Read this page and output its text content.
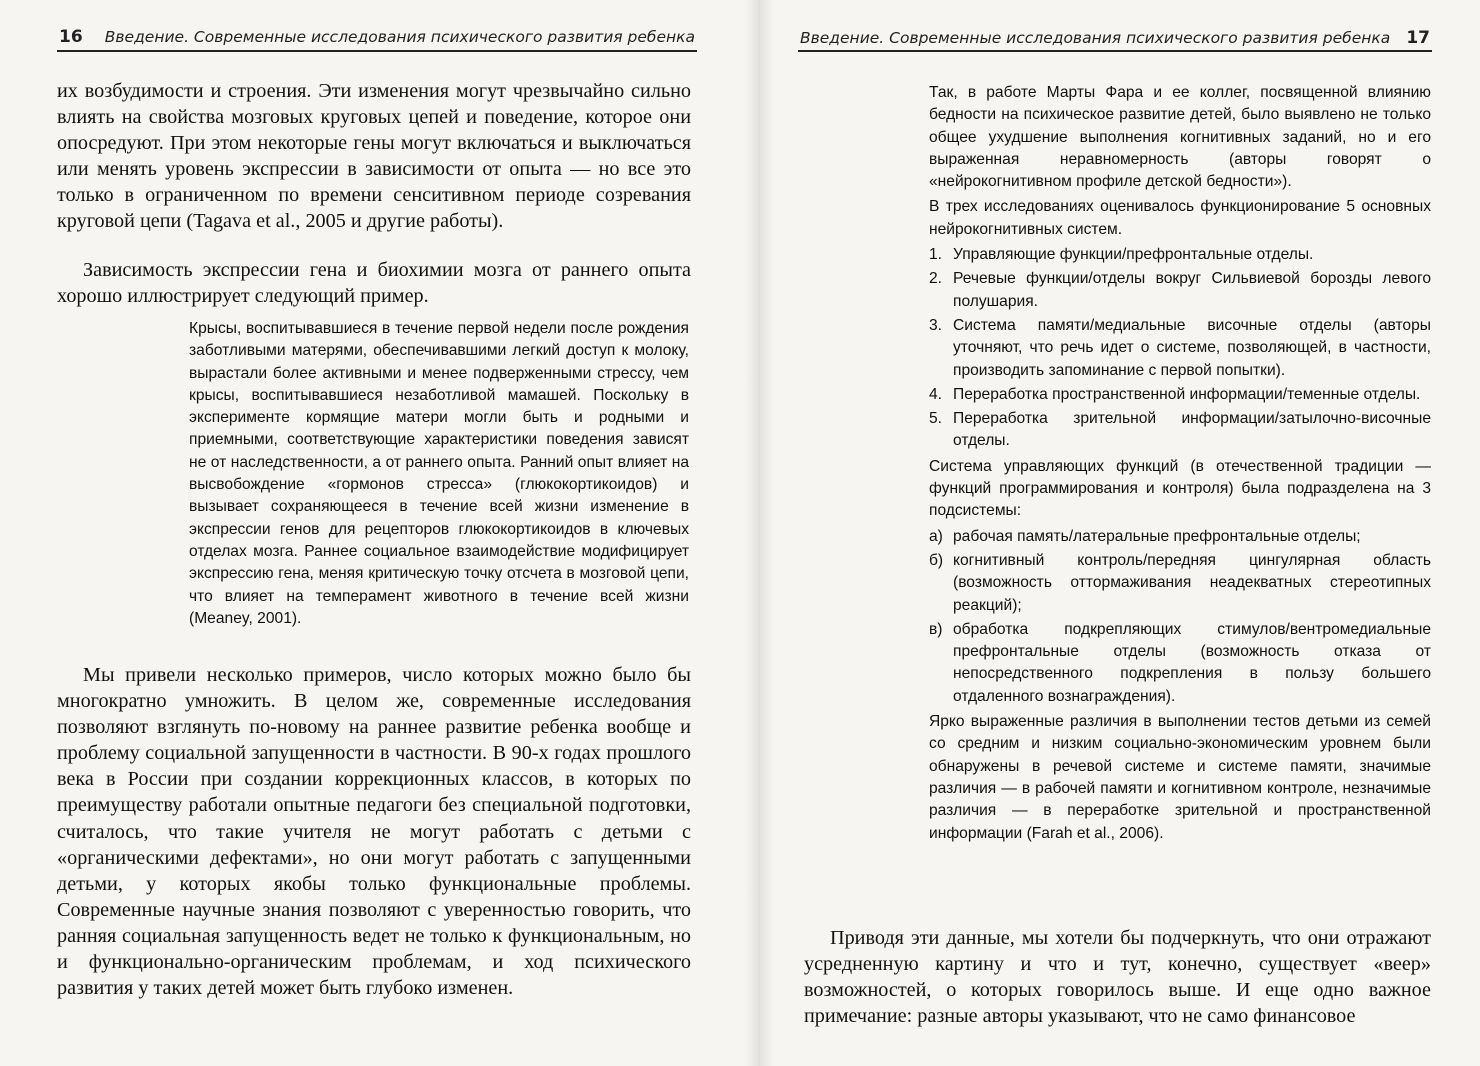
16 Введение. Современные исследования психического развития ребенка

их возбудимости и строения. Эти изменения могут чрезвычайно сильно влиять на свойства мозговых круговых цепей и поведение, которое они опосредуют. При этом некоторые гены могут включаться и выключаться или менять уровень экспрессии в зависимости от опыта — но все это только в ограниченном по времени сенситивном периоде созревания круговой цепи (Tagava et al., 2005 и другие работы).

Зависимость экспрессии гена и биохимии мозга от раннего опыта хорошо иллюстрирует следующий пример.

Крысы, воспитывавшиеся в течение первой недели после рождения заботливыми матерями, обеспечивавшими легкий доступ к молоку, вырастали более активными и менее подверженными стрессу, чем крысы, воспитывавшиеся незаботливой мамашей. Поскольку в эксперименте кормящие матери могли быть и родными и приемными, соответствующие характеристики поведения зависят не от наследственности, а от раннего опыта. Ранний опыт влияет на высвобождение «гормонов стресса» (глюкокортикоидов) и вызывает сохраняющееся в течение всей жизни изменение в экспрессии генов для рецепторов глюкокортикоидов в ключевых отделах мозга. Раннее социальное взаимодействие модифицирует экспрессию гена, меняя критическую точку отсчета в мозговой цепи, что влияет на темперамент животного в течение всей жизни (Meaney, 2001).

Мы привели несколько примеров, число которых можно было бы многократно умножить. В целом же, современные исследования позволяют взглянуть по-новому на раннее развитие ребенка вообще и проблему социальной запущенности в частности. В 90-х годах прошлого века в России при создании коррекционных классов, в которых по преимуществу работали опытные педагоги без специальной подготовки, считалось, что такие учителя не могут работать с детьми с «органическими дефектами», но они могут работать с запущенными детьми, у которых якобы только функциональные проблемы. Современные научные знания позволяют с уверенностью говорить, что ранняя социальная запущенность ведет не только к функциональным, но и функционально-органическим проблемам, и ход психического развития у таких детей может быть глубоко изменен.

Введение. Современные исследования психического развития ребенка 17

Так, в работе Марты Фара и ее коллег, посвященной влиянию бедности на психическое развитие детей, было выявлено не только общее ухудшение выполнения когнитивных заданий, но и его выраженная неравномерность (авторы говорят о «нейрокогнитивном профиле детской бедности»).

В трех исследованиях оценивалось функционирование 5 основных нейрокогнитивных систем.

1. Управляющие функции/префронтальные отделы.
2. Речевые функции/отделы вокруг Сильвиевой борозды левого полушария.
3. Система памяти/медиальные височные отделы (авторы уточняют, что речь идет о системе, позволяющей, в частности, производить запоминание с первой попытки).
4. Переработка пространственной информации/теменные отделы.
5. Переработка зрительной информации/затылочно-височные отделы.

Система управляющих функций (в отечественной традиции — функций программирования и контроля) была подразделена на 3 подсистемы:

а) рабочая память/латеральные префронтальные отделы;
б) когнитивный контроль/передняя цингулярная область (возможность оттормаживания неадекватных стереотипных реакций);
в) обработка подкрепляющих стимулов/вентромедиальные префронтальные отделы (возможность отказа от непосредственного подкрепления в пользу большего отдаленного вознаграждения).

Ярко выраженные различия в выполнении тестов детьми из семей со средним и низким социально-экономическим уровнем были обнаружены в речевой системе и системе памяти, значимые различия — в рабочей памяти и когнитивном контроле, незначимые различия — в переработке зрительной и пространственной информации (Farah et al., 2006).

Приводя эти данные, мы хотели бы подчеркнуть, что они отражают усредненную картину и что и тут, конечно, существует «веер» возможностей, о которых говорилось выше. И еще одно важное примечание: разные авторы указывают, что не само финансовое
